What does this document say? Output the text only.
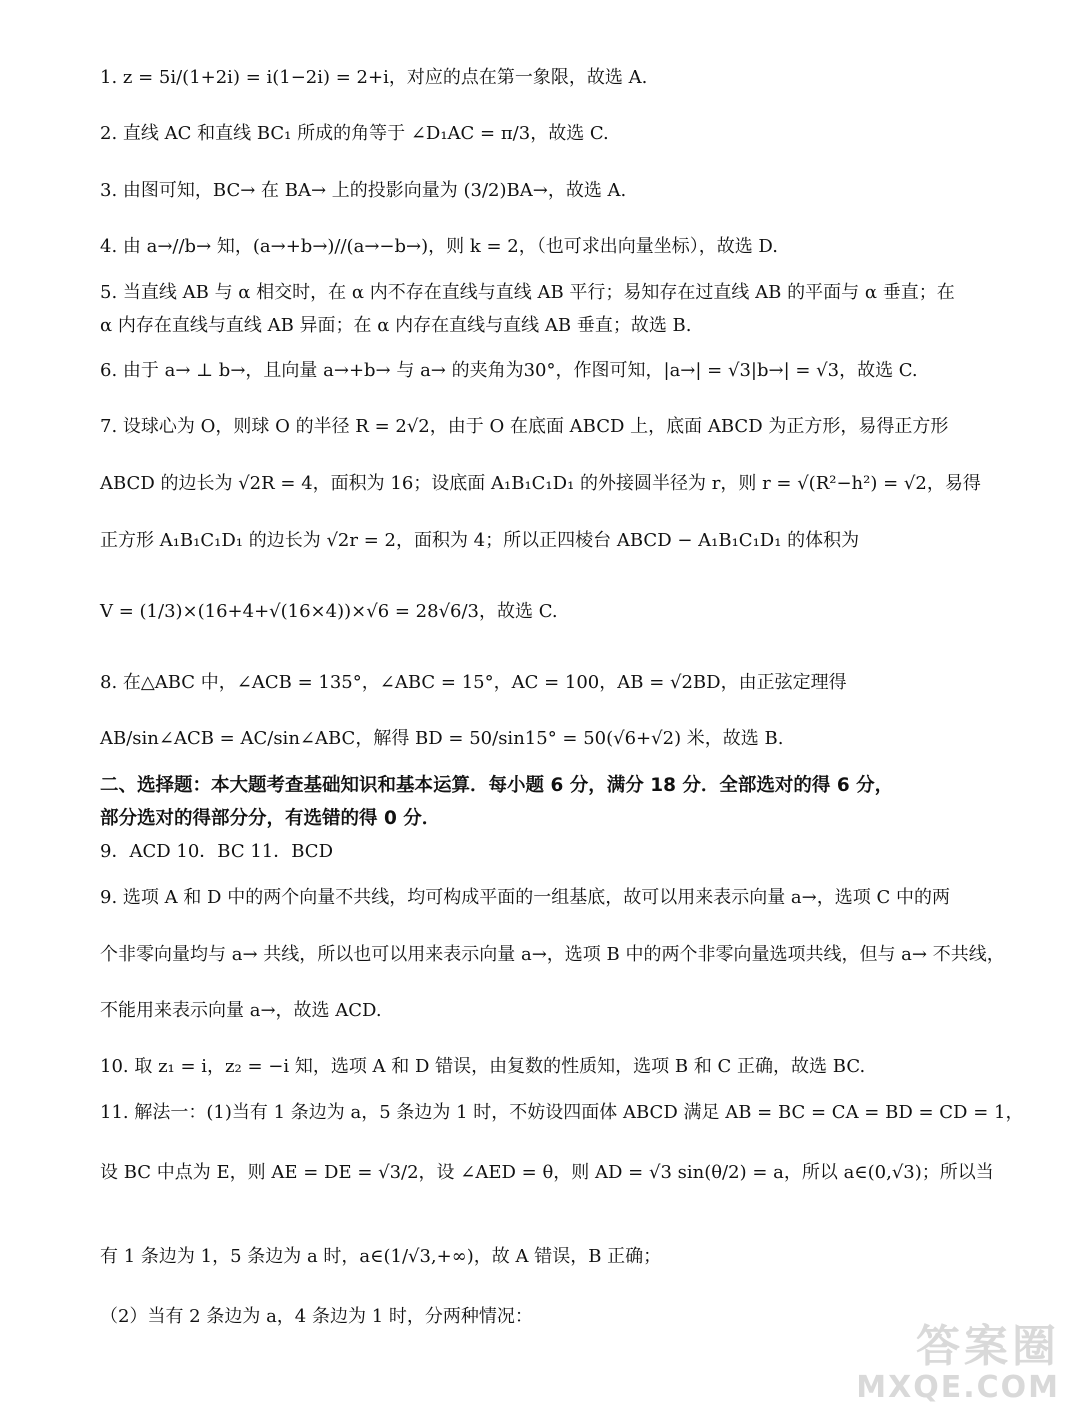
1. z = 5i/(1+2i) = i(1−2i) = 2+i，对应的点在第一象限，故选 A.
2. 直线 AC 和直线 BC₁ 所成的角等于 ∠D₁AC = π/3，故选 C.
3. 由图可知，BC→ 在 BA→ 上的投影向量为 (3/2)BA→，故选 A.
4. 由 a→//b→ 知，(a→+b→)//(a→−b→)，则 k = 2，（也可求出向量坐标），故选 D.
5. 当直线 AB 与 α 相交时，在 α 内不存在直线与直线 AB 平行；易知存在过直线 AB 的平面与 α 垂直；在
α 内存在直线与直线 AB 异面；在 α 内存在直线与直线 AB 垂直；故选 B.
6. 由于 a→ ⊥ b→，且向量 a→+b→ 与 a→ 的夹角为30°，作图可知，|a→| = √3|b→| = √3，故选 C.
7. 设球心为 O，则球 O 的半径 R = 2√2，由于 O 在底面 ABCD 上，底面 ABCD 为正方形，易得正方形
ABCD 的边长为 √2R = 4，面积为 16；设底面 A₁B₁C₁D₁ 的外接圆半径为 r，则 r = √(R²−h²) = √2，易得
正方形 A₁B₁C₁D₁ 的边长为 √2r = 2，面积为 4；所以正四棱台 ABCD − A₁B₁C₁D₁ 的体积为
V = (1/3)×(16+4+√(16×4))×√6 = 28√6/3，故选 C.
8. 在△ABC 中，∠ACB = 135°，∠ABC = 15°，AC = 100，AB = √2BD，由正弦定理得
AB/sin∠ACB = AC/sin∠ABC，解得 BD = 50/sin15° = 50(√6+√2) 米，故选 B.
二、选择题：本大题考查基础知识和基本运算．每小题 6 分，满分 18 分．全部选对的得 6 分，
部分选对的得部分分，有选错的得 0 分．
9．ACD 10．BC 11．BCD
9. 选项 A 和 D 中的两个向量不共线，均可构成平面的一组基底，故可以用来表示向量 a→，选项 C 中的两
个非零向量均与 a→ 共线，所以也可以用来表示向量 a→，选项 B 中的两个非零向量选项共线，但与 a→ 不共线，
不能用来表示向量 a→，故选 ACD.
10. 取 z₁ = i，z₂ = −i 知，选项 A 和 D 错误，由复数的性质知，选项 B 和 C 正确，故选 BC.
11. 解法一：(1)当有 1 条边为 a，5 条边为 1 时，不妨设四面体 ABCD 满足 AB = BC = CA = BD = CD = 1，
设 BC 中点为 E，则 AE = DE = √3/2，设 ∠AED = θ，则 AD = √3 sin(θ/2) = a，所以 a∈(0,√3)；所以当
有 1 条边为 1，5 条边为 a 时，a∈(1/√3,+∞)，故 A 错误，B 正确；
（2）当有 2 条边为 a，4 条边为 1 时，分两种情况：
答案圈
MXQE.COM
